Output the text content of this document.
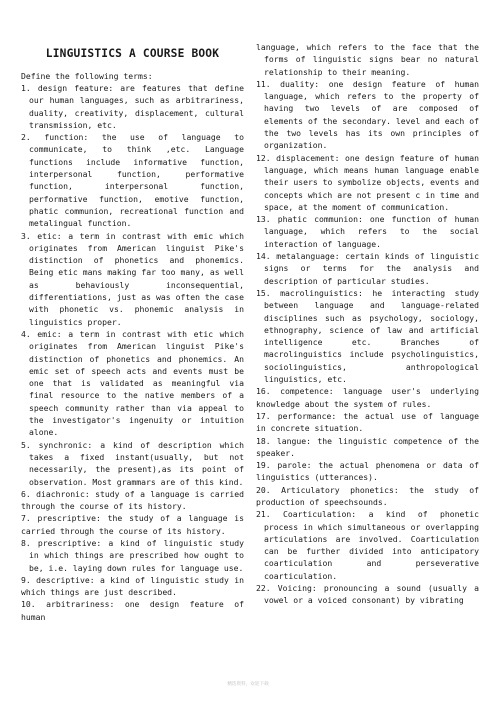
LINGUISTICS A COURSE BOOK
Define the following terms:
1. design feature: are features that define our human languages, such as arbitrariness, duality, creativity, displacement, cultural transmission, etc.
2. function: the use of language to communicate, to think ,etc. Language functions include informative function, interpersonal function, performative function, interpersonal function, performative function, emotive function, phatic communion, recreational function and metalingual function.
3. etic: a term in contrast with emic which originates from American linguist Pike's distinction of phonetics and phonemics. Being etic mans making far too many, as well as behaviously inconsequential, differentiations, just as was often the case with phonetic vs. phonemic analysis in linguistics proper.
4. emic: a term in contrast with etic which originates from American linguist Pike's distinction of phonetics and phonemics. An emic set of speech acts and events must be one that is validated as meaningful via final resource to the native members of a speech community rather than via appeal to the investigator's ingenuity or intuition alone.
5. synchronic: a kind of description which takes a fixed instant(usually, but not necessarily, the present),as its point of observation. Most grammars are of this kind.
6. diachronic: study of a language is carried through the course of its history.
7. prescriptive: the study of a language is carried through the course of its history.
8. prescriptive: a kind of linguistic study in which things are prescribed how ought to be, i.e. laying down rules for language use.
9. descriptive: a kind of linguistic study in which things are just described.
10. arbitrariness: one design feature of human
language, which refers to the face that the forms of linguistic signs bear no natural relationship to their meaning.
11. duality: one design feature of human language, which refers to the property of having two levels of are composed of elements of the secondary. level and each of the two levels has its own principles of organization.
12. displacement: one design feature of human language, which means human language enable their users to symbolize objects, events and concepts which are not present c in time and space, at the moment of communication.
13. phatic communion: one function of human language, which refers to the social interaction of language.
14. metalanguage: certain kinds of linguistic signs or terms for the analysis and description of particular studies.
15. macrolinguistics: he interacting study between language and language-related disciplines such as psychology, sociology, ethnography, science of law and artificial intelligence etc. Branches of macrolinguistics include psycholinguistics, sociolinguistics, anthropological linguistics, etc.
16. competence: language user's underlying knowledge about the system of rules.
17. performance: the actual use of language in concrete situation.
18. langue: the linguistic competence of the speaker.
19. parole: the actual phenomena or data of linguistics (utterances).
20. Articulatory phonetics: the study of production of speechsounds.
21. Coarticulation: a kind of phonetic process in which simultaneous or overlapping articulations are involved. Coarticulation can be further divided into anticipatory coarticulation and perseverative coarticulation.
22. Voicing: pronouncing a sound (usually a vowel or a voiced consonant) by vibrating
精选资料，欢迎下载
